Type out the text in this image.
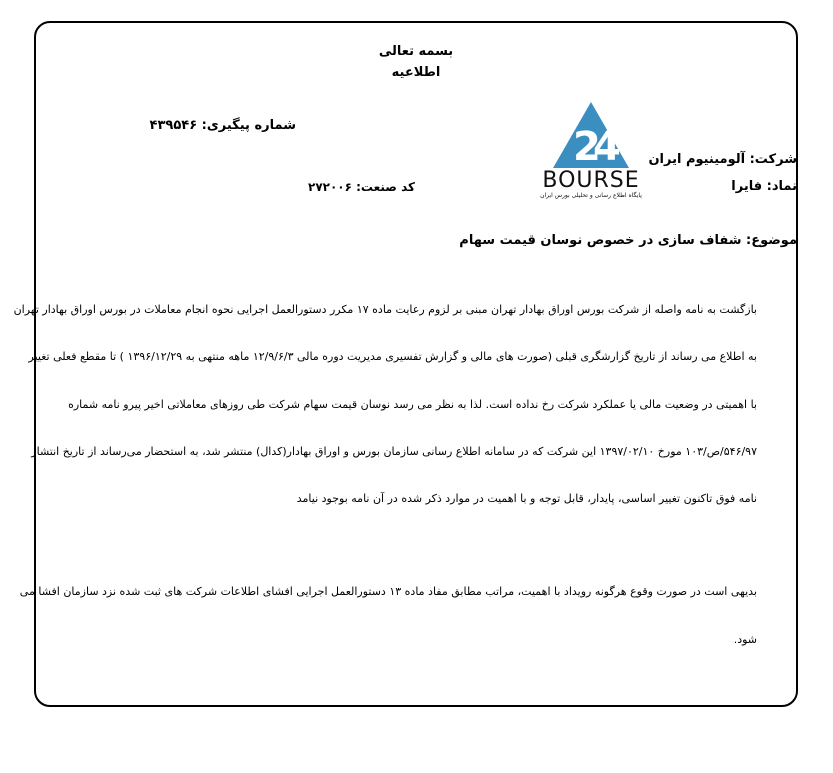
بسمه تعالی
اطلاعیه
شماره پیگیری: ۴۳۹۵۴۶
کد صنعت: ۲۷۲۰۰۶
شرکت: آلومینیوم ایران
نماد: فایرا
2
4
BOURSE
پایگاه اطلاع رسانی و تحلیلی بورس ایران
موضوع: شفاف سازی در خصوص نوسان قیمت سهام
بازگشت به نامه واصله از شرکت بورس اوراق بهادار تهران مبنی بر لزوم رعایت ماده ۱۷ مکرر دستورالعمل اجرایی نحوه انجام معاملات در بورس اوراق بهادار تهران
به اطلاع می رساند از تاریخ گزارشگری قبلی (صورت های مالی و گزارش تفسیری مدیریت دوره مالی ۱۲/۹/۶/۳ ماهه منتهی به ۱۳۹۶/۱۲/۲۹ ) تا مقطع فعلی تغییر
با اهمیتی در وضعیت مالی یا عملکرد شرکت رخ نداده است. لذا به نظر می رسد نوسان قیمت سهام شرکت طی روزهای معاملاتی اخیر پیرو نامه شماره
۵۴۶/۹۷/ص/۱۰۳ مورخ ۱۳۹۷/۰۲/۱۰ این شرکت که در سامانه اطلاع رسانی سازمان بورس و اوراق بهادار(کدال) منتشر شد، به استحضار می‌رساند از تاریخ انتشار
نامه فوق تاکنون تغییر اساسی، پایدار، قابل توجه و با اهمیت در موارد ذکر شده در آن نامه بوجود نیامد
بدیهی است در صورت وقوع هرگونه رویداد با اهمیت، مراتب مطابق مفاد ماده ۱۳ دستورالعمل اجرایی افشای اطلاعات شرکت های ثبت شده نزد سازمان افشا می
شود.
